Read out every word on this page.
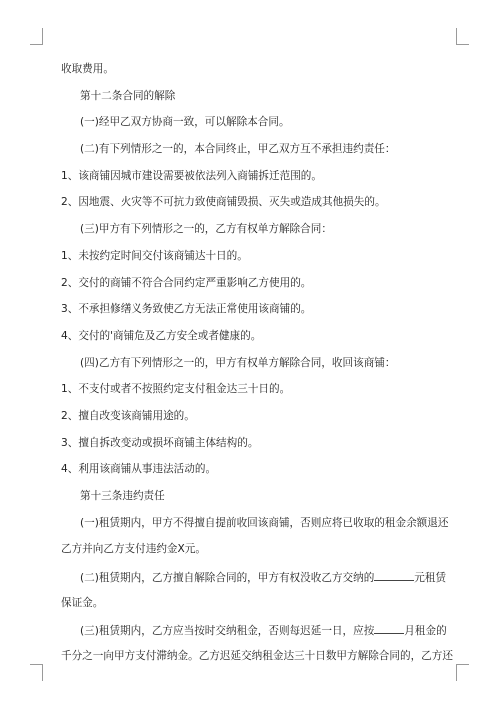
收取费用。
第十二条合同的解除
(一)经甲乙双方协商一致，可以解除本合同。
(二)有下列情形之一的，本合同终止，甲乙双方互不承担违约责任：
1、该商铺因城市建设需要被依法列入商铺拆迁范围的。
2、因地震、火灾等不可抗力致使商铺毁损、灭失或造成其他损失的。
(三)甲方有下列情形之一的，乙方有权单方解除合同：
1、未按约定时间交付该商铺达十日的。
2、交付的商铺不符合合同约定严重影响乙方使用的。
3、不承担修缮义务致使乙方无法正常使用该商铺的。
4、交付的'商铺危及乙方安全或者健康的。
(四)乙方有下列情形之一的，甲方有权单方解除合同，收回该商铺：
1、不支付或者不按照约定支付租金达三十日的。
2、擅自改变该商铺用途的。
3、擅自拆改变动或损坏商铺主体结构的。
4、利用该商铺从事违法活动的。
第十三条违约责任
(一)租赁期内，甲方不得擅自提前收回该商铺，否则应将已收取的租金余额退还
乙方并向乙方支付违约金Ⅹ元。
(二)租赁期内，乙方擅自解除合同的，甲方有权没收乙方交纳的	元租赁
保证金。
(三)租赁期内，乙方应当按时交纳租金，否则每迟延一日，应按	月租金的
千分之一向甲方支付滞纳金。乙方迟延交纳租金达三十日数甲方解除合同的，乙方还
